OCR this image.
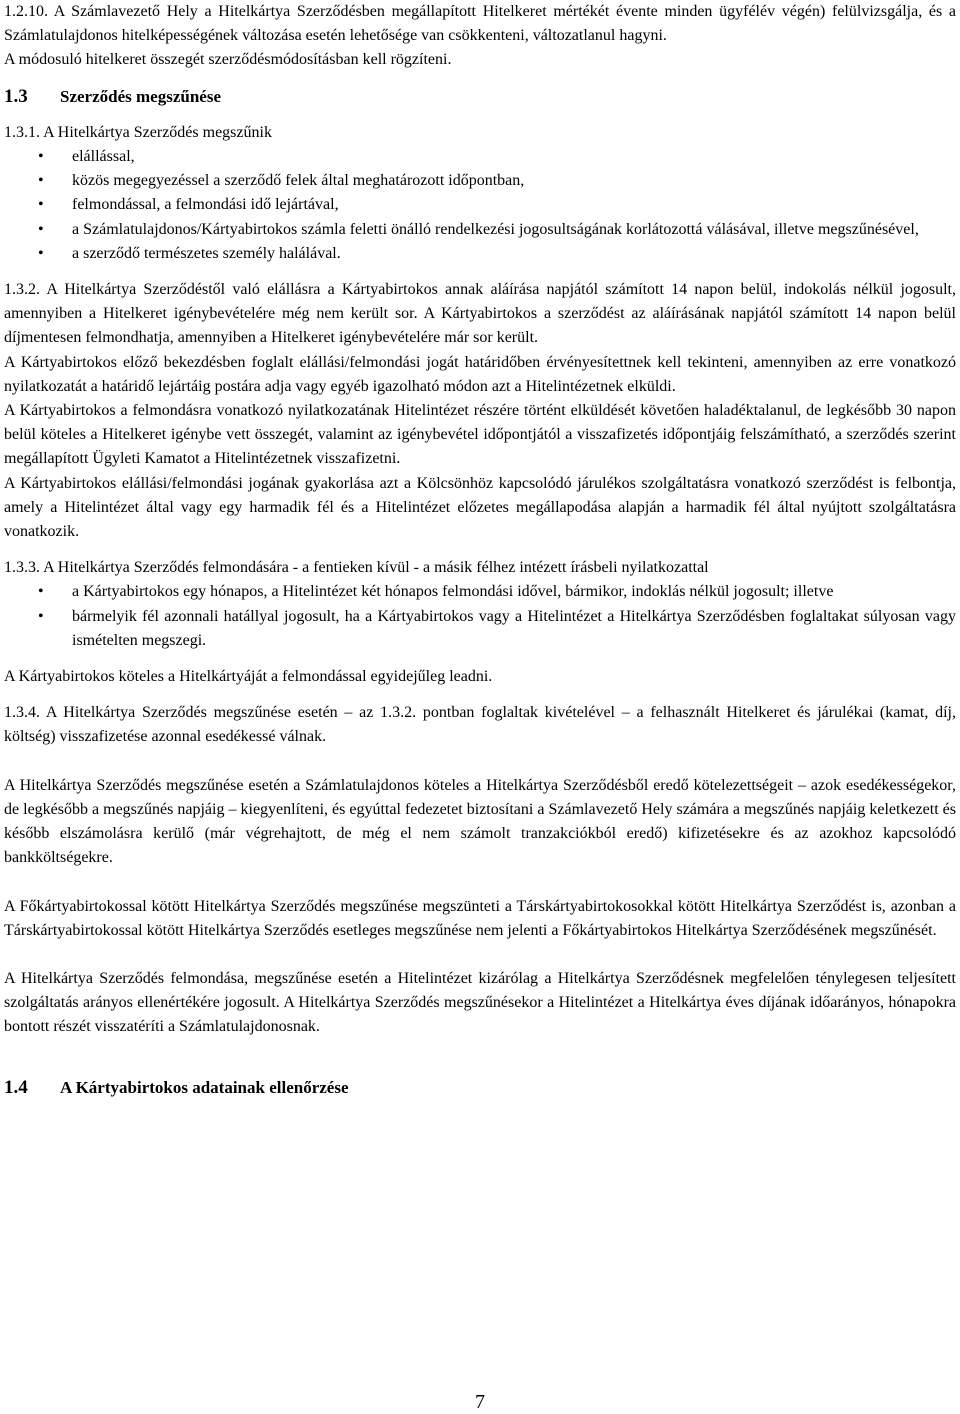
1.2.10. A Számlavezető Hely a Hitelkártya Szerződésben megállapított Hitelkeret mértékét évente minden ügyfélév végén) felülvizsgálja, és a Számlatulajdonos hitelképességének változása esetén lehetősége van csökkenteni, változatlanul hagyni.

A módosuló hitelkeret összegét szerződésmódosításban kell rögzíteni.

1.3	Szerződés megszűnése

1.3.1. A Hitelkártya Szerződés megszűnik

• elállással,
• közös megegyezéssel a szerződő felek által meghatározott időpontban,
• felmondással, a felmondási idő lejártával,
• a Számlatulajdonos/Kártyabirtokos számla feletti önálló rendelkezési jogosultságának korlátozottá válásával, illetve megszűnésével,
• a szerződő természetes személy halálával.

1.3.2. A Hitelkártya Szerződéstől való elállásra a Kártyabirtokos annak aláírása napjától számított 14 napon belül, indokolás nélkül jogosult, amennyiben a Hitelkeret igénybevételére még nem került sor. A Kártyabirtokos a szerződést az aláírásának napjától számított 14 napon belül díjmentesen felmondhatja, amennyiben a Hitelkeret igénybevételére már sor került.

A Kártyabirtokos előző bekezdésben foglalt elállási/felmondási jogát határidőben érvényesítettnek kell tekinteni, amennyiben az erre vonatkozó nyilatkozatát a határidő lejártáig postára adja vagy egyéb igazolható módon azt a Hitelintézetnek elküldi.

A Kártyabirtokos a felmondásra vonatkozó nyilatkozatának Hitelintézet részére történt elküldését követően haladéktalanul, de legkésőbb 30 napon belül köteles a Hitelkeret igénybe vett összegét, valamint az igénybevétel időpontjától a visszafizetés időpontjáig felszámítható, a szerződés szerint megállapított Ügyleti Kamatot a Hitelintézetnek visszafizetni.

A Kártyabirtokos elállási/felmondási jogának gyakorlása azt a Kölcsönhöz kapcsolódó járulékos szolgáltatásra vonatkozó szerződést is felbontja, amely a Hitelintézet által vagy egy harmadik fél és a Hitelintézet előzetes megállapodása alapján a harmadik fél által nyújtott szolgáltatásra vonatkozik.

1.3.3. A Hitelkártya Szerződés felmondására - a fentieken kívül - a másik félhez intézett írásbeli nyilatkozattal

• a Kártyabirtokos egy hónapos, a Hitelintézet két hónapos felmondási idővel, bármikor, indoklás nélkül jogosult; illetve
• bármelyik fél azonnali hatállyal jogosult, ha a Kártyabirtokos vagy a Hitelintézet a Hitelkártya Szerződésben foglaltakat súlyosan vagy ismételten megszegi.

A Kártyabirtokos köteles a Hitelkártyáját a felmondással egyidejűleg leadni.

1.3.4. A Hitelkártya Szerződés megszűnése esetén – az 1.3.2. pontban foglaltak kivételével – a felhasznált Hitelkeret és járulékai (kamat, díj, költség) visszafizetése azonnal esedékessé válnak.

A Hitelkártya Szerződés megszűnése esetén a Számlatulajdonos köteles a Hitelkártya Szerződésből eredő kötelezettségeit – azok esedékességekor, de legkésőbb a megszűnés napjáig – kiegyenlíteni, és egyúttal fedezetet biztosítani a Számlavezető Hely számára a megszűnés napjáig keletkezett és később elszámolásra kerülő (már végrehajtott, de még el nem számolt tranzakciókból eredő) kifizetésekre és az azokhoz kapcsolódó bankköltségekre.

A Főkártyabirtokossal kötött Hitelkártya Szerződés megszűnése megszünteti a Társkártyabirtokosokkal kötött Hitelkártya Szerződést is, azonban a Társkártyabirtokossal kötött Hitelkártya Szerződés esetleges megszűnése nem jelenti a Főkártyabirtokos Hitelkártya Szerződésének megszűnését.

A Hitelkártya Szerződés felmondása, megszűnése esetén a Hitelintézet kizárólag a Hitelkártya Szerződésnek megfelelően ténylegesen teljesített szolgáltatás arányos ellenértékére jogosult. A Hitelkártya Szerződés megszűnésekor a Hitelintézet a Hitelkártya éves díjának időarányos, hónapokra bontott részét visszatéríti a Számlatulajdonosnak.

1.4	A Kártyabirtokos adatainak ellenőrzése
7
